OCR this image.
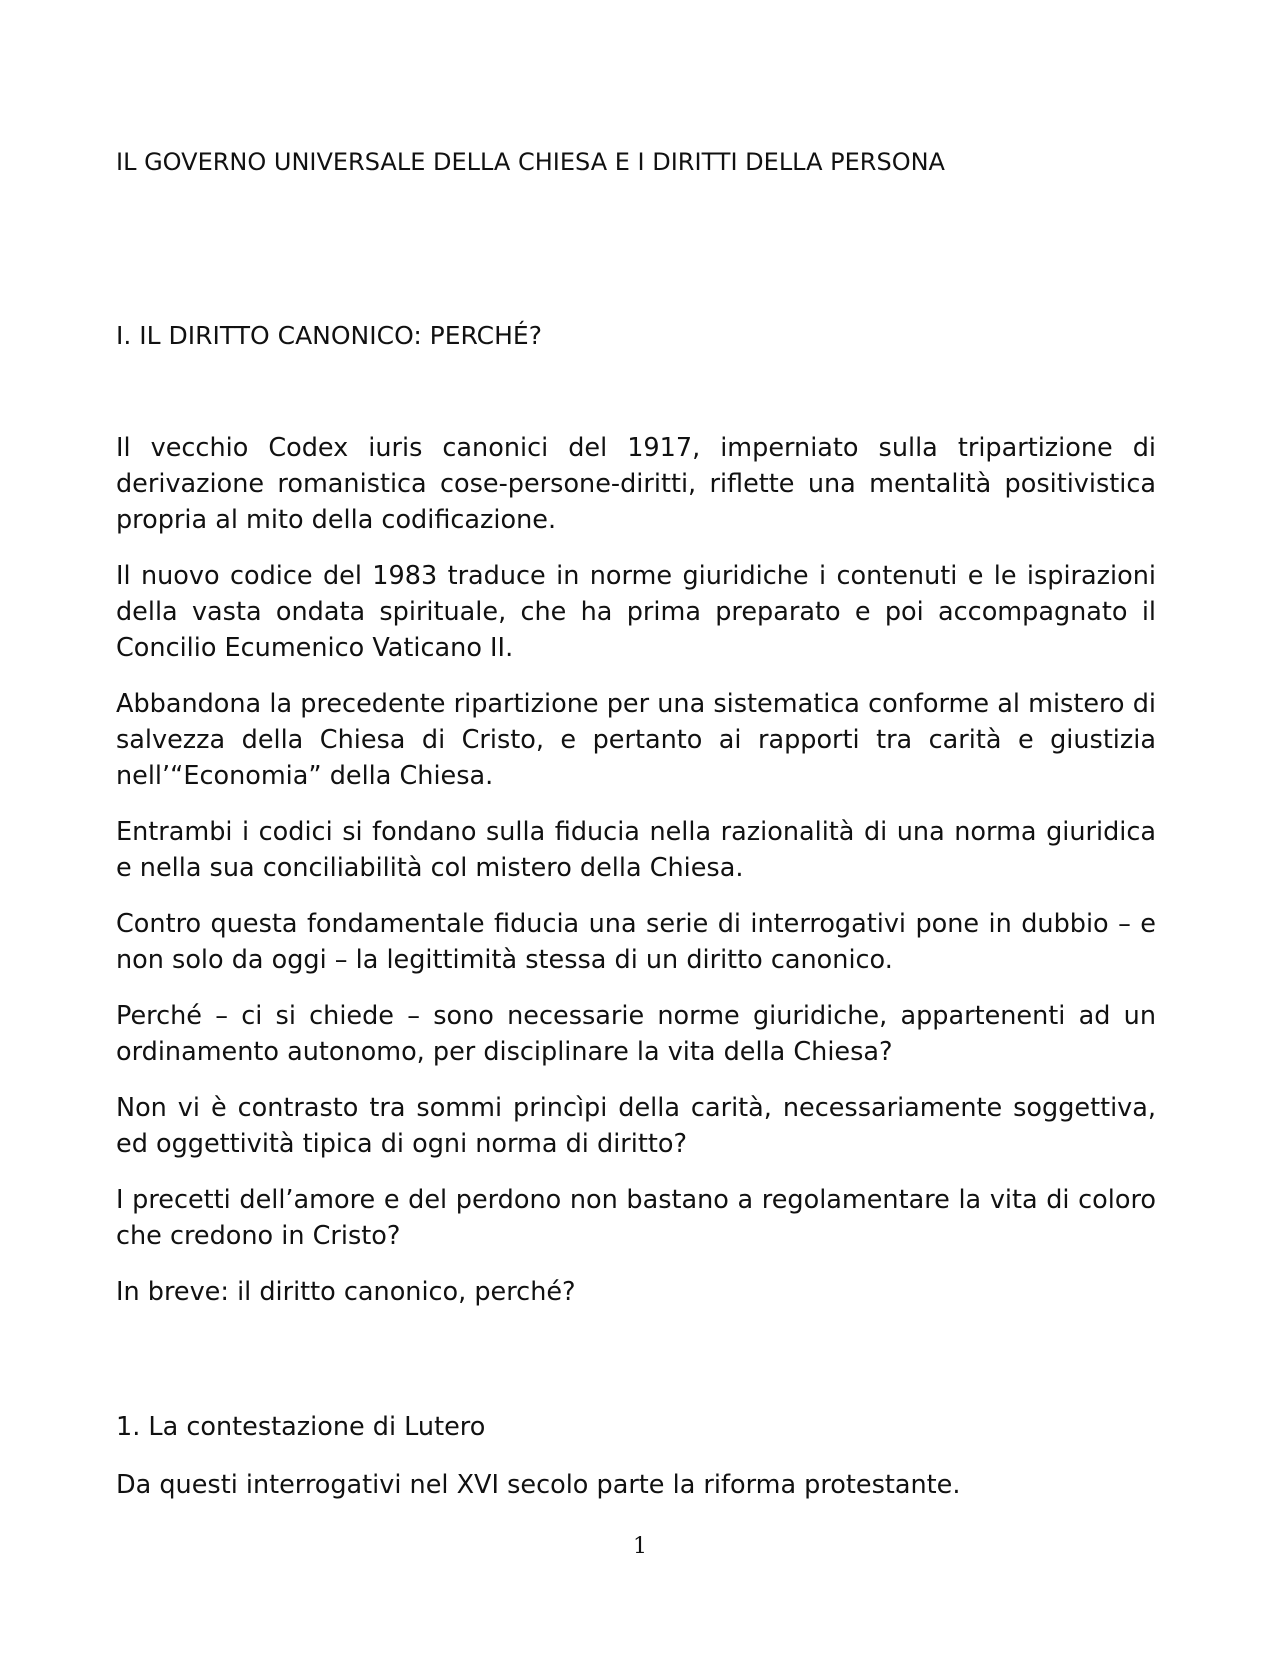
IL GOVERNO UNIVERSALE DELLA CHIESA E I DIRITTI DELLA PERSONA
I. IL DIRITTO CANONICO: PERCHÉ?

Il vecchio Codex iuris canonici del 1917, imperniato sulla tripartizione di derivazione romanistica cose-persone-diritti, riflette una mentalità positivistica propria al mito della codificazione.

Il nuovo codice del 1983 traduce in norme giuridiche i contenuti e le ispirazioni della vasta ondata spirituale, che ha prima preparato e poi accompagnato il Concilio Ecumenico Vaticano II.

Abbandona la precedente ripartizione per una sistematica conforme al mistero di salvezza della Chiesa di Cristo, e pertanto ai rapporti tra carità e giustizia nell’“Economia” della Chiesa.

Entrambi i codici si fondano sulla fiducia nella razionalità di una norma giuridica e nella sua conciliabilità col mistero della Chiesa.

Contro questa fondamentale fiducia una serie di interrogativi pone in dubbio – e non solo da oggi – la legittimità stessa di un diritto canonico.

Perché – ci si chiede – sono necessarie norme giuridiche, appartenenti ad un ordinamento autonomo, per disciplinare la vita della Chiesa?

Non vi è contrasto tra sommi princìpi della carità, necessariamente soggettiva, ed oggettività tipica di ogni norma di diritto?

I precetti dell’amore e del perdono non bastano a regolamentare la vita di coloro che credono in Cristo?

In breve: il diritto canonico, perché?

1. La contestazione di Lutero

Da questi interrogativi nel XVI secolo parte la riforma protestante.

1
